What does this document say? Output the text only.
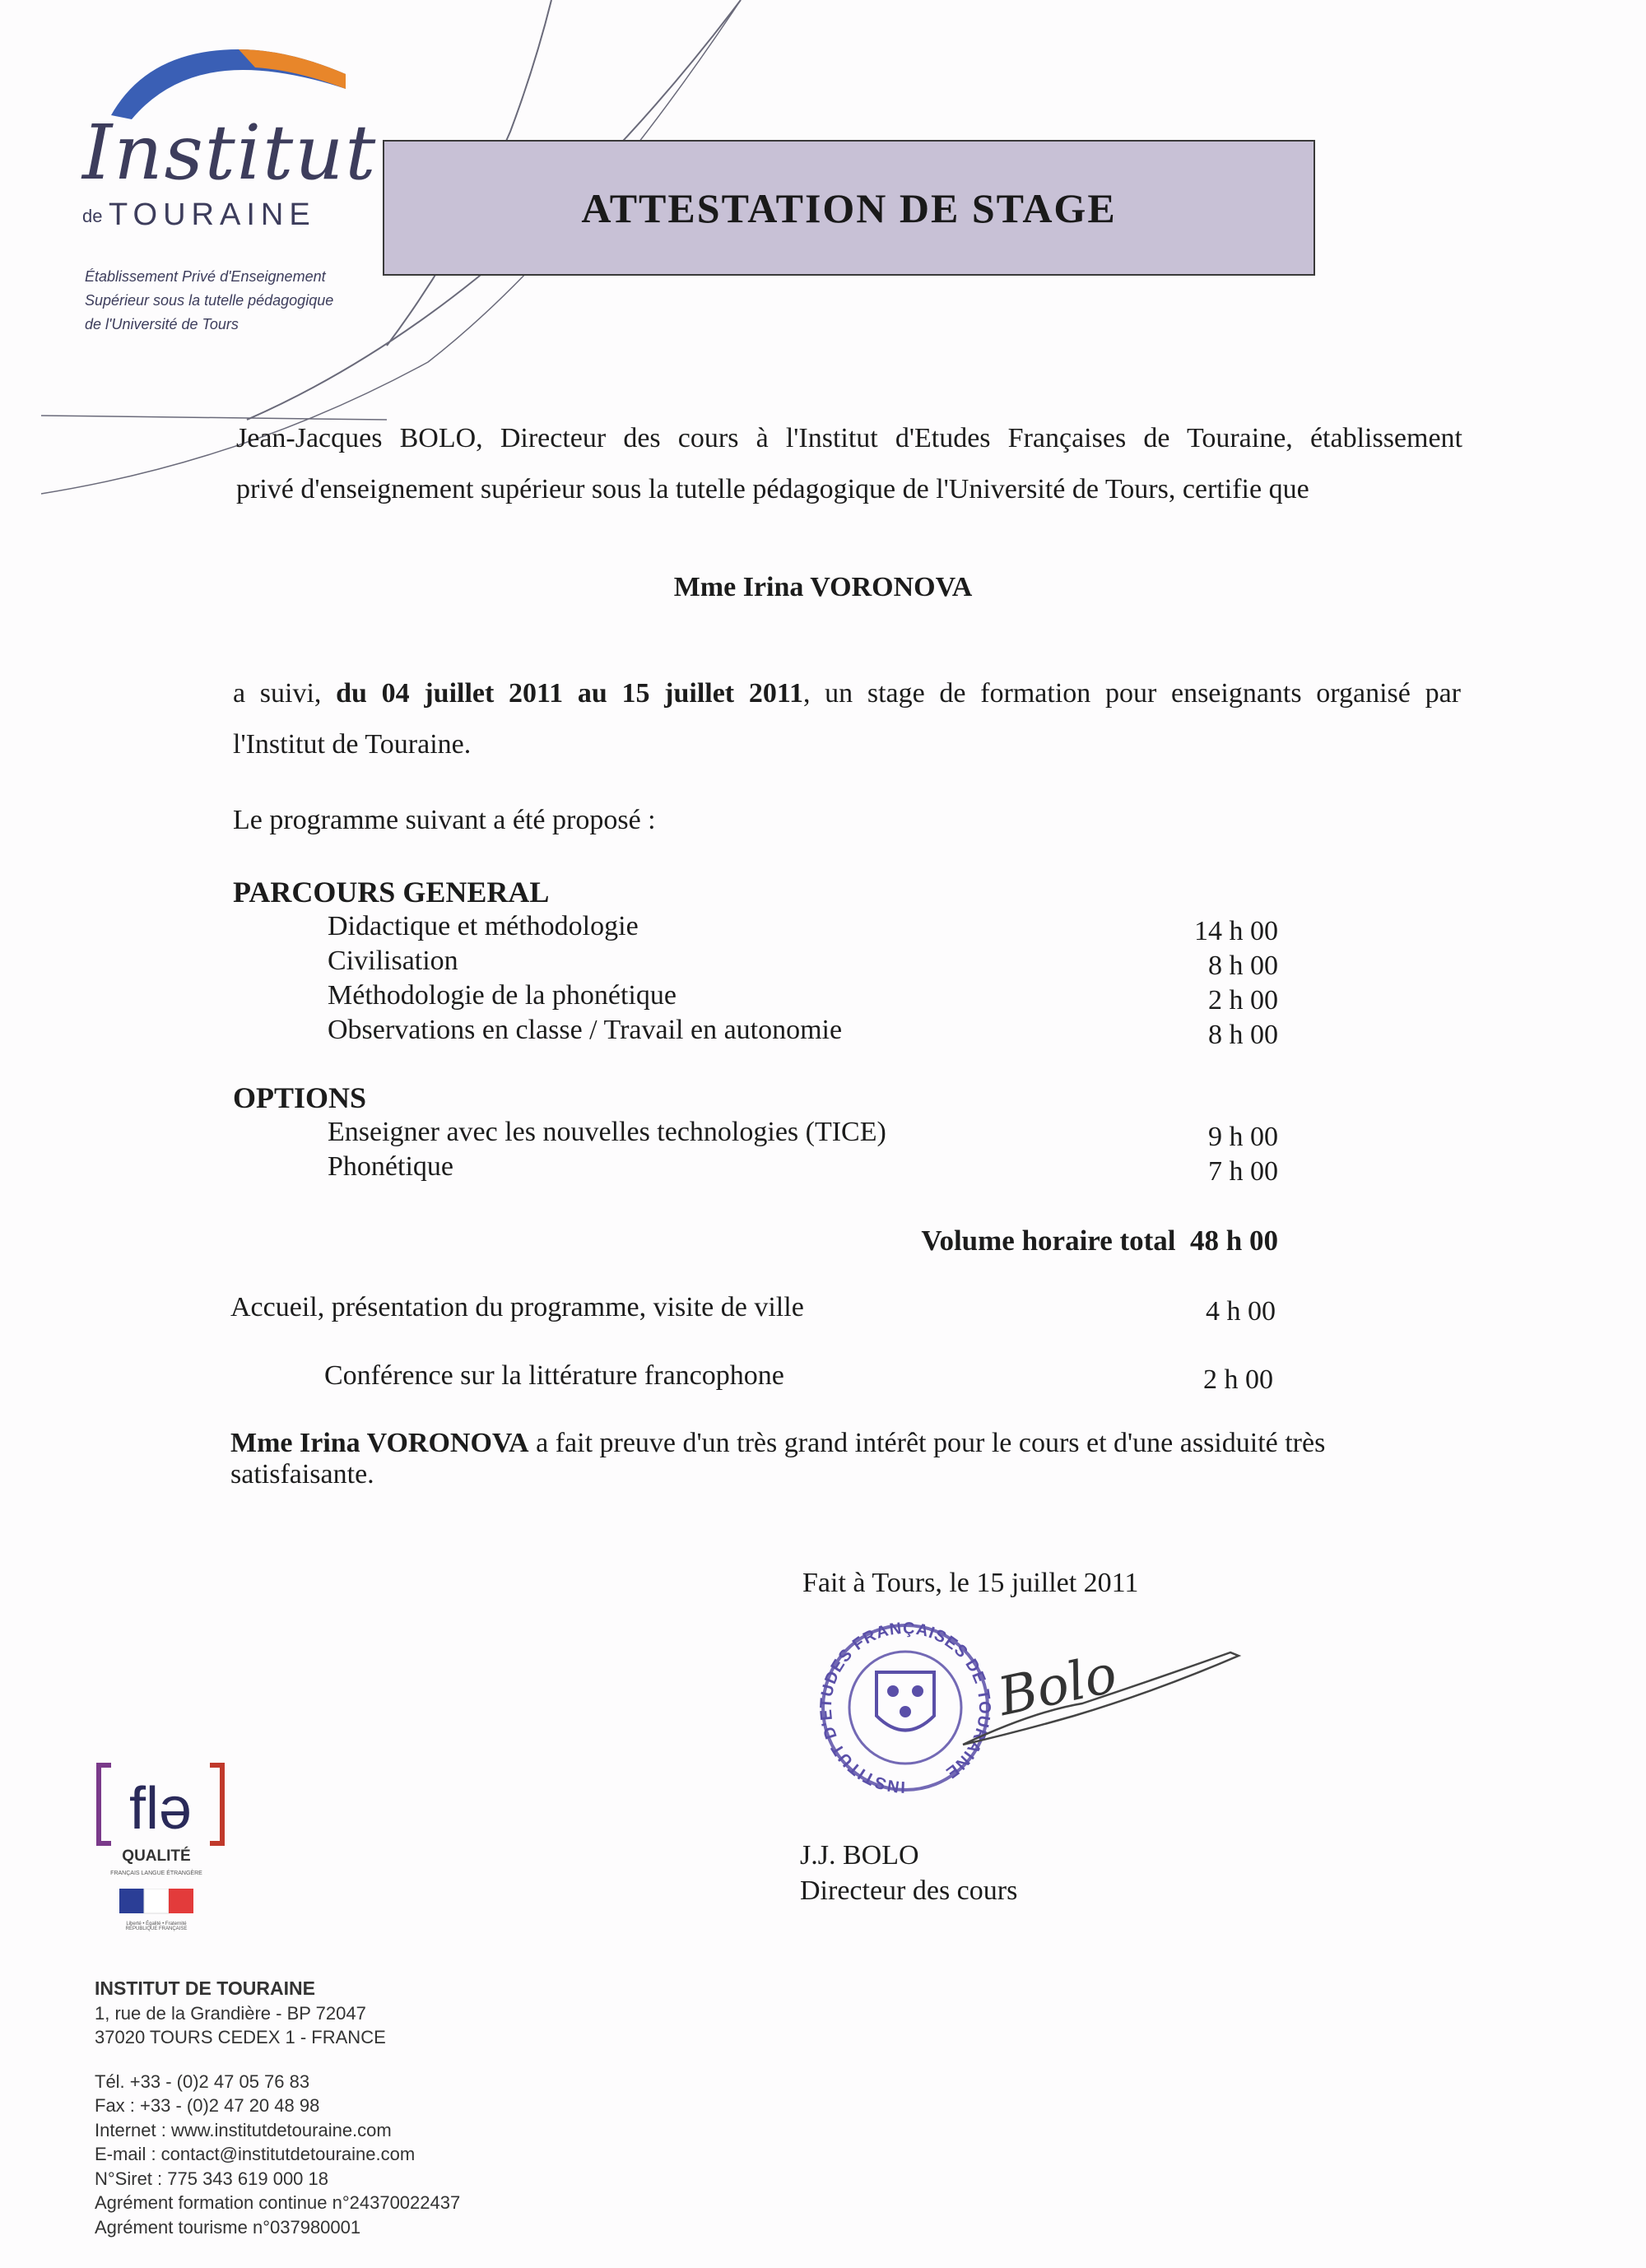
Institut
de TOURAINE
Établissement Privé d'Enseignement
Supérieur sous la tutelle pédagogique
de l'Université de Tours
ATTESTATION DE STAGE
Jean-Jacques BOLO, Directeur des cours à l'Institut d'Etudes Françaises de Touraine, établissement
privé d'enseignement supérieur sous la tutelle pédagogique de l'Université de Tours, certifie que
Mme Irina VORONOVA
a suivi, du 04 juillet 2011 au 15 juillet 2011, un stage de formation pour enseignants organisé par
l'Institut de Touraine.
Le programme suivant a été proposé :
PARCOURS GENERAL
Didactique et méthodologie	14 h 00
Civilisation	8 h 00
Méthodologie de la phonétique	2 h 00
Observations en classe / Travail en autonomie	8 h 00
OPTIONS
Enseigner avec les nouvelles technologies (TICE)	9 h 00
Phonétique	7 h 00
Volume horaire total 48 h 00
Accueil, présentation du programme, visite de ville	4 h 00
Conférence sur la littérature francophone	2 h 00
Mme Irina VORONOVA a fait preuve d'un très grand intérêt pour le cours et d'une assiduité très satisfaisante.
Fait à Tours, le 15 juillet 2011
INSTITUT D'ETUDES FRANÇAISES DE TOURAINE
Bolo
J.J. BOLO
Directeur des cours
flə
QUALITÉ
FRANÇAIS LANGUE ÉTRANGÈRE
Liberté • Égalité • Fraternité
RÉPUBLIQUE FRANÇAISE
INSTITUT DE TOURAINE
1, rue de la Grandière - BP 72047
37020 TOURS CEDEX 1 - FRANCE
Tél. +33 - (0)2 47 05 76 83
Fax : +33 - (0)2 47 20 48 98
Internet : www.institutdetouraine.com
E-mail : contact@institutdetouraine.com
N°Siret : 775 343 619 000 18
Agrément formation continue n°24370022437
Agrément tourisme n°037980001
